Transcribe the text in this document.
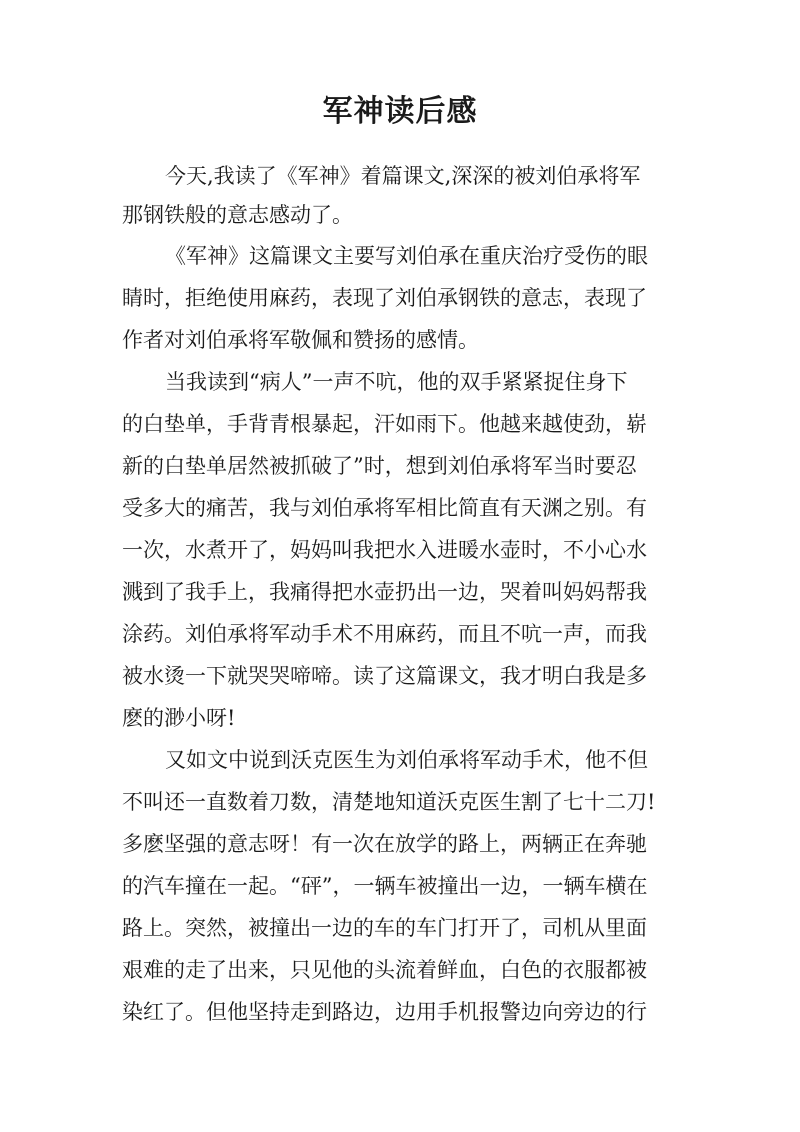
军神读后感

今天,我读了《军神》着篇课文,深深的被刘伯承将军

那钢铁般的意志感动了。

《军神》这篇课文主要写刘伯承在重庆治疗受伤的眼

睛时，拒绝使用麻药，表现了刘伯承钢铁的意志，表现了

作者对刘伯承将军敬佩和赞扬的感情。

当我读到“病人”一声不吭，他的双手紧紧捉住身下

的白垫单，手背青根暴起，汗如雨下。他越来越使劲，崭

新的白垫单居然被抓破了”时，想到刘伯承将军当时要忍

受多大的痛苦，我与刘伯承将军相比简直有天渊之别。有

一次，水煮开了，妈妈叫我把水入进暖水壶时，不小心水

溅到了我手上，我痛得把水壶扔出一边，哭着叫妈妈帮我

涂药。刘伯承将军动手术不用麻药，而且不吭一声，而我

被水烫一下就哭哭啼啼。读了这篇课文，我才明白我是多

麽的渺小呀!

又如文中说到沃克医生为刘伯承将军动手术，他不但

不叫还一直数着刀数，清楚地知道沃克医生割了七十二刀!

多麽坚强的意志呀！有一次在放学的路上，两辆正在奔驰

的汽车撞在一起。“砰”，一辆车被撞出一边，一辆车横在

路上。突然，被撞出一边的车的车门打开了，司机从里面

艰难的走了出来，只见他的头流着鲜血，白色的衣服都被

染红了。但他坚持走到路边，边用手机报警边向旁边的行
